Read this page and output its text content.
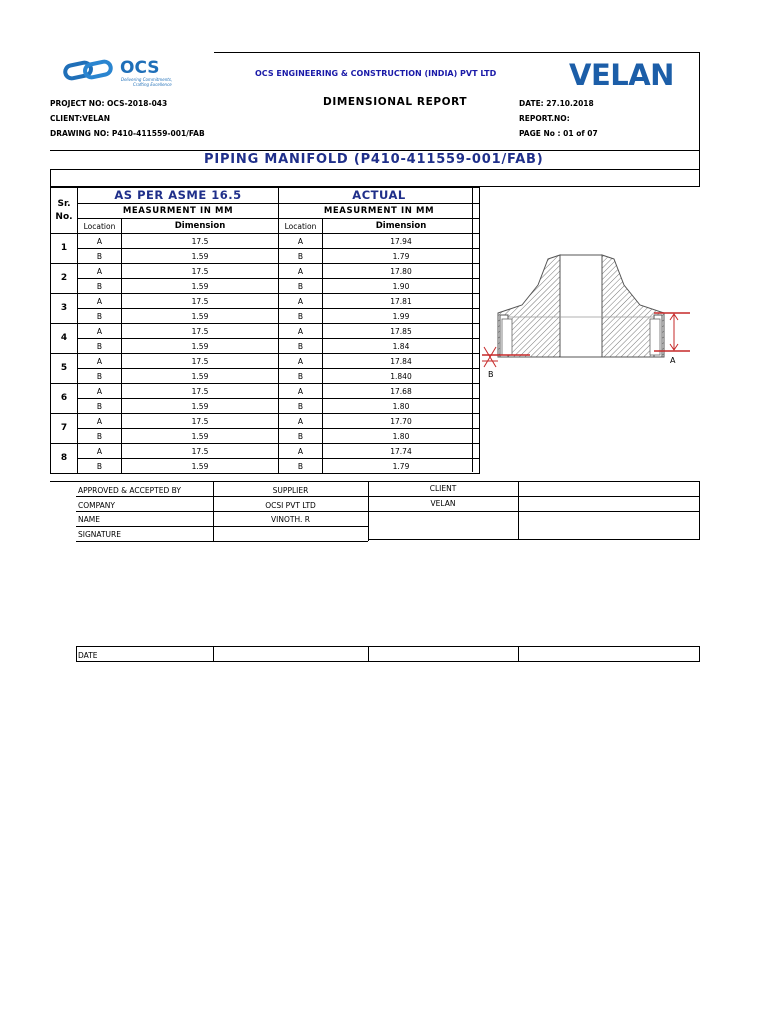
OCS
Delivering Commitments,
Crafting Excellence
OCS ENGINEERING & CONSTRUCTION (INDIA) PVT LTD	VELAN
PROJECT NO: OCS-2018-043
CLIENT:VELAN
DRAWING NO: P410-411559-001/FAB
DIMENSIONAL REPORT	DATE: 27.10.2018
REPORT.NO:
PAGE No : 01 of 07
PIPING MANIFOLD (P410-411559-001/FAB)
Sr.
No.	AS PER ASME 16.5		ACTUAL	
	MEASURMENT IN MM		MEASURMENT IN MM	
	Location	Dimension	Location	Dimension
1	A	17.5	A	17.94
	B	1.59	B	1.79
2	A	17.5	A	17.80
	B	1.59	B	1.90
3	A	17.5	A	17.81
	B	1.59	B	1.99
4	A	17.5	A	17.85
	B	1.59	B	1.84
5	A	17.5	A	17.84
	B	1.59	B	1.840
6	A	17.5	A	17.68
	B	1.59	B	1.80
7	A	17.5	A	17.70
	B	1.59	B	1.80
8	A	17.5	A	17.74
	B	1.59	B	1.79
A
B
APPROVED & ACCEPTED BY	SUPPLIER	CLIENT
COMPANY	OCSI PVT LTD	VELAN
NAME	VINOTH. R
SIGNATURE
DATE
